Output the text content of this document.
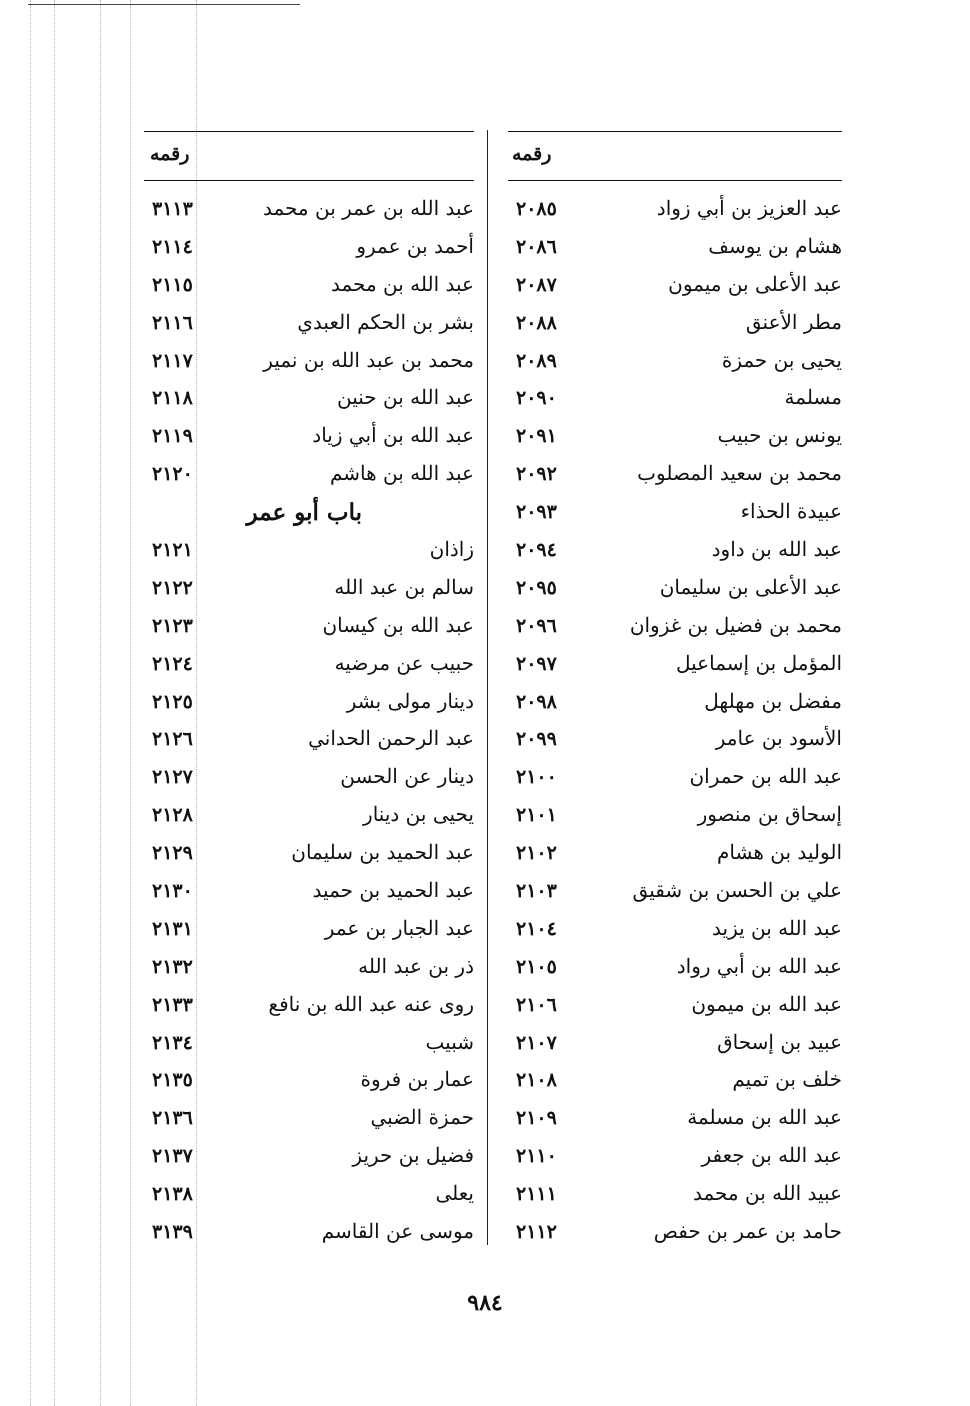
رقمه
عبد العزيز بن أبي زواد
٢٠٨٥
هشام بن يوسف
٢٠٨٦
عبد الأعلى بن ميمون
٢٠٨٧
مطر الأعنق
٢٠٨٨
يحيى بن حمزة
٢٠٨٩
مسلمة
٢٠٩٠
يونس بن حبيب
٢٠٩١
محمد بن سعيد المصلوب
٢٠٩٢
عبيدة الحذاء
٢٠٩٣
عبد الله بن داود
٢٠٩٤
عبد الأعلى بن سليمان
٢٠٩٥
محمد بن فضيل بن غزوان
٢٠٩٦
المؤمل بن إسماعيل
٢٠٩٧
مفضل بن مهلهل
٢٠٩٨
الأسود بن عامر
٢٠٩٩
عبد الله بن حمران
٢١٠٠
إسحاق بن منصور
٢١٠١
الوليد بن هشام
٢١٠٢
علي بن الحسن بن شقيق
٢١٠٣
عبد الله بن يزيد
٢١٠٤
عبد الله بن أبي رواد
٢١٠٥
عبد الله بن ميمون
٢١٠٦
عبيد بن إسحاق
٢١٠٧
خلف بن تميم
٢١٠٨
عبد الله بن مسلمة
٢١٠٩
عبد الله بن جعفر
٢١١٠
عبيد الله بن محمد
٢١١١
حامد بن عمر بن حفص
٢١١٢
رقمه
عبد الله بن عمر بن محمد
٣١١٣
أحمد بن عمرو
٢١١٤
عبد الله بن محمد
٢١١٥
بشر بن الحكم العبدي
٢١١٦
محمد بن عبد الله بن نمير
٢١١٧
عبد الله بن حنين
٢١١٨
عبد الله بن أبي زياد
٢١١٩
عبد الله بن هاشم
٢١٢٠
باب أبو عمر
زاذان
٢١٢١
سالم بن عبد الله
٢١٢٢
عبد الله بن كيسان
٢١٢٣
حبيب عن مرضيه
٢١٢٤
دينار مولى بشر
٢١٢٥
عبد الرحمن الحداني
٢١٢٦
دينار عن الحسن
٢١٢٧
يحيى بن دينار
٢١٢٨
عبد الحميد بن سليمان
٢١٢٩
عبد الحميد بن حميد
٢١٣٠
عبد الجبار بن عمر
٢١٣١
ذر بن عبد الله
٢١٣٢
روى عنه عبد الله بن نافع
٢١٣٣
شبيب
٢١٣٤
عمار بن فروة
٢١٣٥
حمزة الضبي
٢١٣٦
فضيل بن حريز
٢١٣٧
يعلى
٢١٣٨
موسى عن القاسم
٣١٣٩
٩٨٤
